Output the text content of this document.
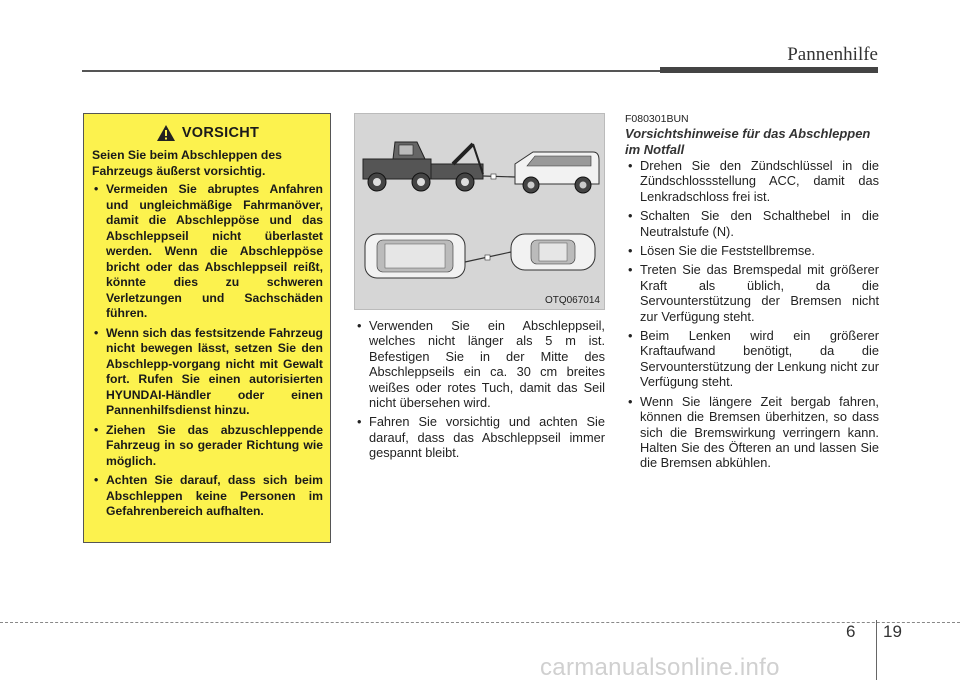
Pannenhilfe
VORSICHT

Seien Sie beim Abschleppen des Fahrzeugs äußerst vorsichtig.

• Vermeiden Sie abruptes Anfahren und ungleichmäßige Fahrmanöver, damit die Abschleppöse und das Abschleppseil nicht überlastet werden. Wenn die Abschleppöse bricht oder das Abschleppseil reißt, könnte dies zu schweren Verletzungen und Sachschäden führen.
• Wenn sich das festsitzende Fahrzeug nicht bewegen lässt, setzen Sie den Abschlepp-vorgang nicht mit Gewalt fort. Rufen Sie einen autorisierten HYUNDAI-Händler oder einen Pannenhilfsdienst hinzu.
• Ziehen Sie das abzuschleppende Fahrzeug in so gerader Richtung wie möglich.
• Achten Sie darauf, dass sich beim Abschleppen keine Personen im Gefahrenbereich aufhalten.
OTQ067014
• Verwenden Sie ein Abschleppseil, welches nicht länger als 5 m ist. Befestigen Sie in der Mitte des Abschleppseils ein ca. 30 cm breites weißes oder rotes Tuch, damit das Seil nicht übersehen wird.
• Fahren Sie vorsichtig und achten Sie darauf, dass das Abschleppseil immer gespannt bleibt.
F080301BUN
Vorsichtshinweise für das Abschleppen im Notfall
• Drehen Sie den Zündschlüssel in die Zündschlossstellung ACC, damit das Lenkradschloss frei ist.
• Schalten Sie den Schalthebel in die Neutralstufe (N).
• Lösen Sie die Feststellbremse.
• Treten Sie das Bremspedal mit größerer Kraft als üblich, da die Servounterstützung der Bremsen nicht zur Verfügung steht.
• Beim Lenken wird ein größerer Kraftaufwand benötigt, da die Servounterstützung der Lenkung nicht zur Verfügung steht.
• Wenn Sie längere Zeit bergab fahren, können die Bremsen überhitzen, so dass sich die Bremswirkung verringern kann. Halten Sie des Öfteren an und lassen Sie die Bremsen abkühlen.
6 19
carmanualsonline.info
